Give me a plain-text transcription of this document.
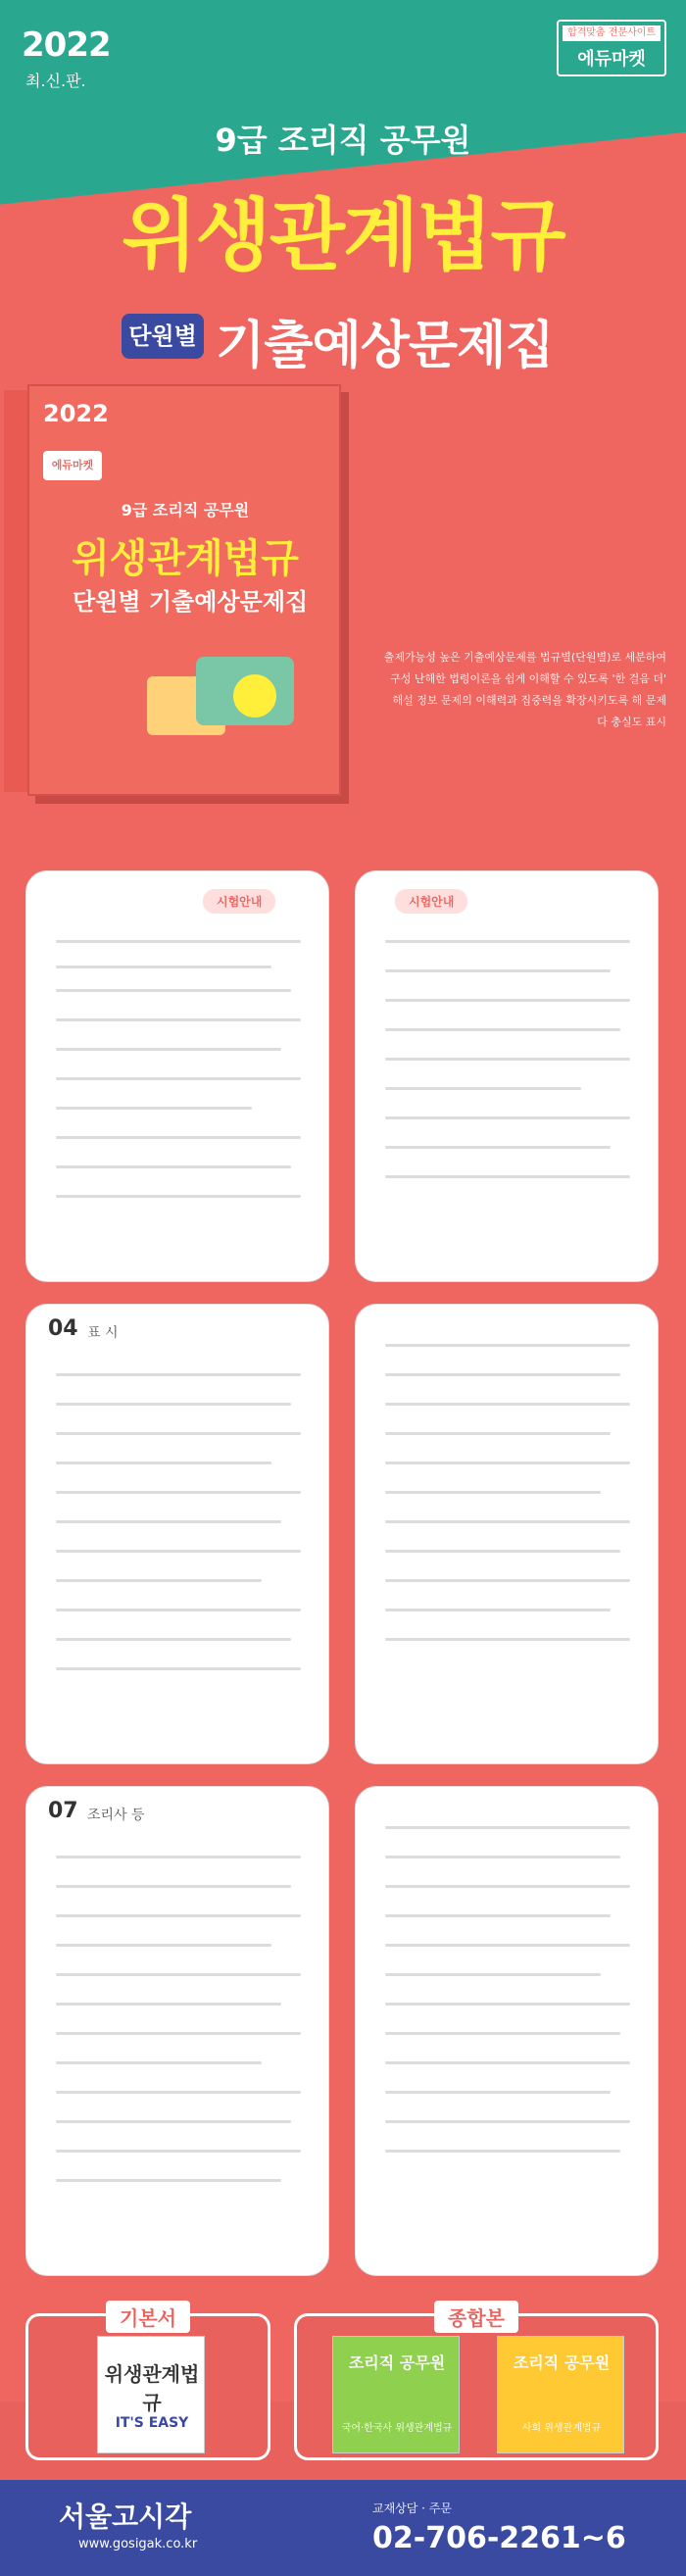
2022
최.신.판.
합격맞춤 전문사이트
에듀마켓
9급 조리직 공무원
위생관계법규
단원별 기출예상문제집
2022
에듀마켓
9급 조리직 공무원
위생관계법규
단원별 기출예상문제집
출제가능성 높은 기출예상문제를 법규별(단원별)로 세분하여 구성 난해한 법령이론을 쉽게 이해할 수 있도록 '한 걸음 더' 해설 정보 문제의 이해력과 집중력을 확장시키도록 해 문제다 충실도 표시
시험안내	시험안내
04 표 시
07 조리사 등
기본서
위생관계법규
IT'S EASY
종합본
조리직 공무원
국어·한국사 위생관계법규
조리직 공무원
사회 위생관계법규
서울고시각
www.gosigak.co.kr
교재상담 · 주문
02-706-2261~6
